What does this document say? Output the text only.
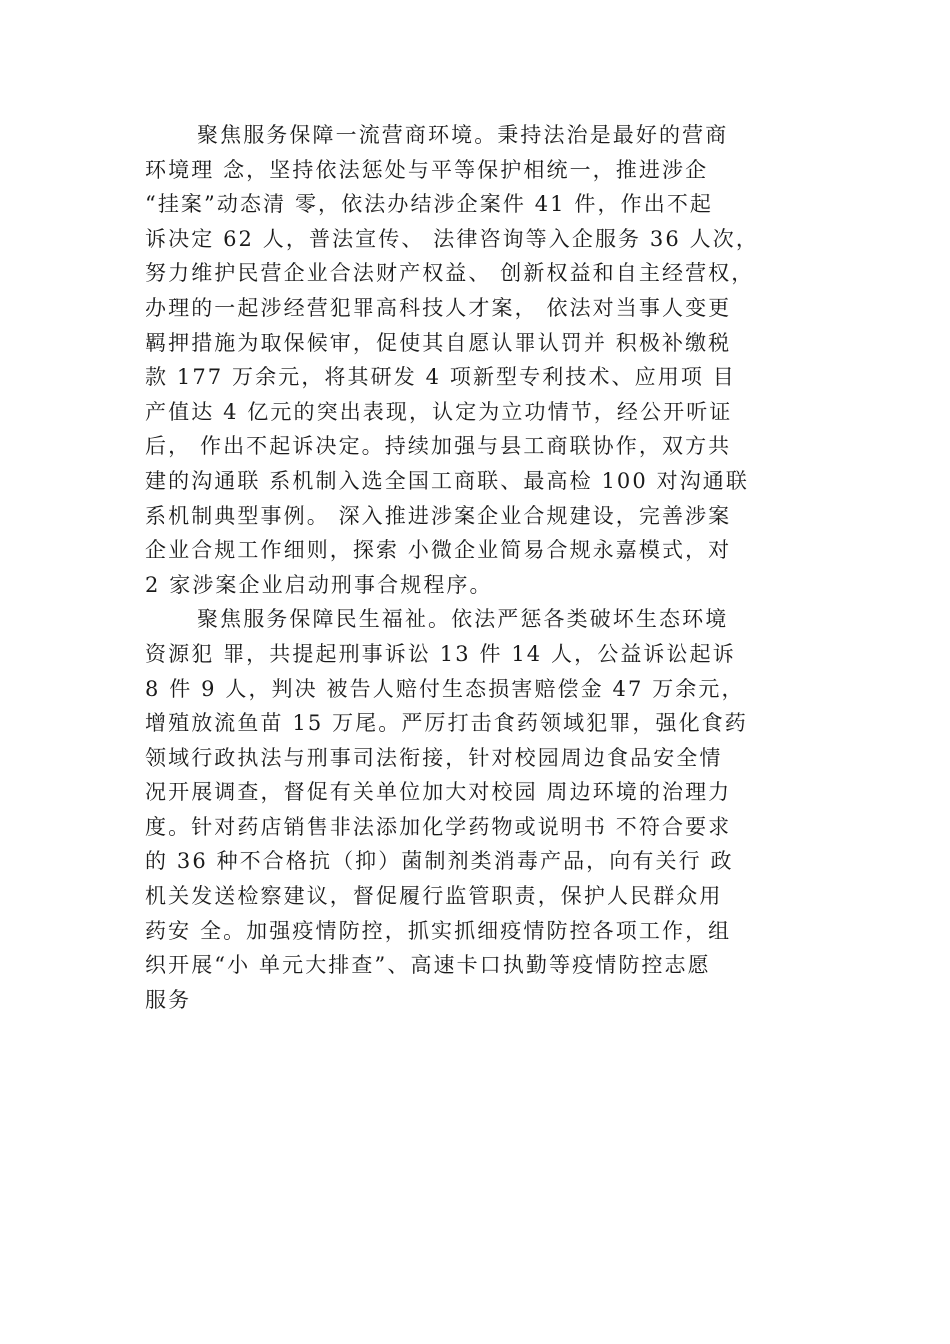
聚焦服务保障一流营商环境。秉持法治是最好的营商
环境理 念，坚持依法惩处与平等保护相统一，推进涉企
“挂案”动态清 零，依法办结涉企案件 41 件，作出不起
诉决定 62 人，普法宣传、 法律咨询等入企服务 36 人次，
努力维护民营企业合法财产权益、 创新权益和自主经营权，
办理的一起涉经营犯罪高科技人才案， 依法对当事人变更
羁押措施为取保候审，促使其自愿认罪认罚并 积极补缴税
款 177 万余元，将其研发 4 项新型专利技术、应用项 目
产值达 4 亿元的突出表现，认定为立功情节，经公开听证
后， 作出不起诉决定。持续加强与县工商联协作，双方共
建的沟通联 系机制入选全国工商联、最高检 100 对沟通联
系机制典型事例。 深入推进涉案企业合规建设，完善涉案
企业合规工作细则，探索 小微企业简易合规永嘉模式，对
2 家涉案企业启动刑事合规程序。
聚焦服务保障民生福祉。依法严惩各类破坏生态环境
资源犯 罪，共提起刑事诉讼 13 件 14 人，公益诉讼起诉
8 件 9 人，判决 被告人赔付生态损害赔偿金 47 万余元，
增殖放流鱼苗 15 万尾。严厉打击食药领域犯罪，强化食药
领域行政执法与刑事司法衔接，针对校园周边食品安全情
况开展调查，督促有关单位加大对校园 周边环境的治理力
度。针对药店销售非法添加化学药物或说明书 不符合要求
的 36 种不合格抗（抑）菌制剂类消毒产品，向有关行 政
机关发送检察建议，督促履行监管职责，保护人民群众用
药安 全。加强疫情防控，抓实抓细疫情防控各项工作，组
织开展“小 单元大排查”、高速卡口执勤等疫情防控志愿
服务
